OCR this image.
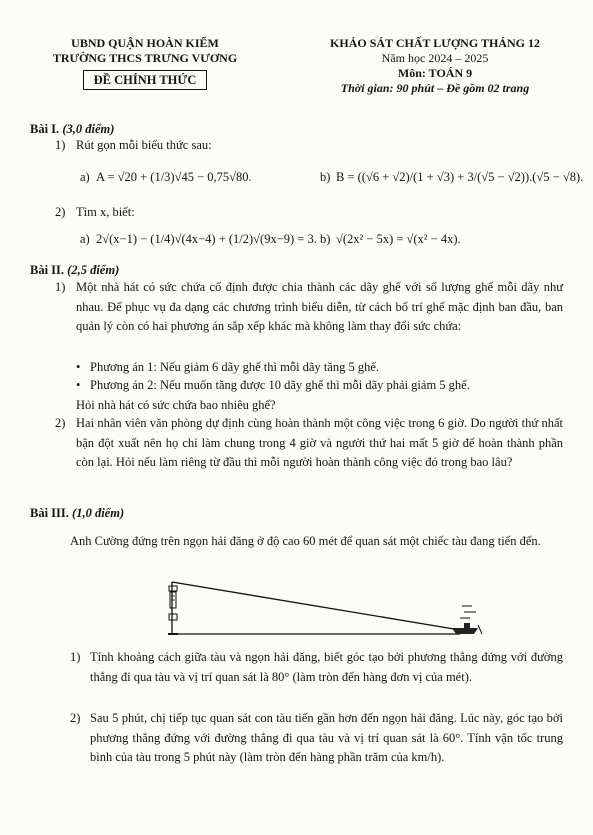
UBND QUẬN HOÀN KIẾM
TRƯỜNG THCS TRƯNG VƯƠNG
ĐỀ CHÍNH THỨC
KHẢO SÁT CHẤT LƯỢNG THÁNG 12
Năm học 2024 – 2025
Môn: TOÁN 9
Thời gian: 90 phút – Đề gồm 02 trang
Bài I. (3,0 điểm)
1) Rút gọn mỗi biểu thức sau:
a) A = √20 + (1/3)√45 − 0,75√80.	b) B = ((√6 + √2)/(1 + √3) + 3/(√5 − √2)).(√5 − √8).
2) Tìm x, biết:
a) 2√(x−1) − (1/4)√(4x−4) + (1/2)√(9x−9) = 3. b) √(2x² − 5x) = √(x² − 4x).
Bài II. (2,5 điểm)
1) Một nhà hát có sức chứa cố định được chia thành các dãy ghế với số lượng ghế mỗi dãy như nhau. Để phục vụ đa dạng các chương trình biểu diễn, từ cách bố trí ghế mặc định ban đầu, ban quản lý còn có hai phương án sắp xếp khác mà không làm thay đổi sức chứa:
• Phương án 1: Nếu giảm 6 dãy ghế thì mỗi dãy tăng 5 ghế.
• Phương án 2: Nếu muốn tăng được 10 dãy ghế thì mỗi dãy phải giảm 5 ghế.
Hỏi nhà hát có sức chứa bao nhiêu ghế?
2) Hai nhân viên văn phòng dự định cùng hoàn thành một công việc trong 6 giờ. Do người thứ nhất bận đột xuất nên họ chỉ làm chung trong 4 giờ và người thứ hai mất 5 giờ để hoàn thành phần còn lại. Hỏi nếu làm riêng từ đầu thì mỗi người hoàn thành công việc đó trong bao lâu?
Bài III. (1,0 điểm)
Anh Cường đứng trên ngọn hải đăng ở độ cao 60 mét để quan sát một chiếc tàu đang tiến đến.
1) Tính khoảng cách giữa tàu và ngọn hải đăng, biết góc tạo bởi phương thẳng đứng với đường thẳng đi qua tàu và vị trí quan sát là 80° (làm tròn đến hàng đơn vị của mét).
2) Sau 5 phút, chị tiếp tục quan sát con tàu tiến gần hơn đến ngọn hải đăng. Lúc này, góc tạo bởi phương thẳng đứng với đường thẳng đi qua tàu và vị trí quan sát là 60°. Tính vận tốc trung bình của tàu trong 5 phút này (làm tròn đến hàng phần trăm của km/h).
